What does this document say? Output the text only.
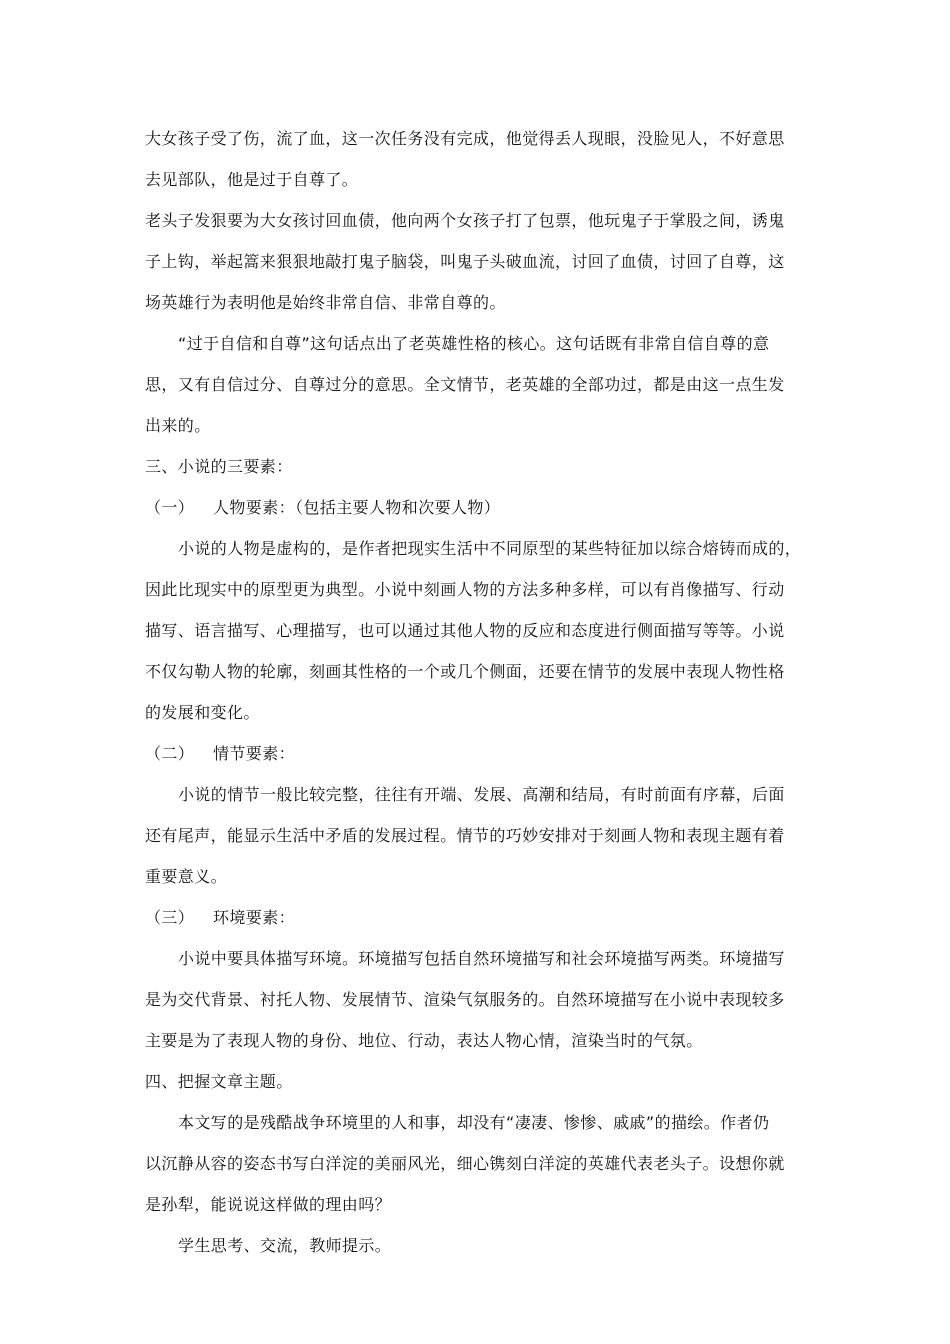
大女孩子受了伤，流了血，这一次任务没有完成，他觉得丢人现眼，没脸见人，不好意思
去见部队，他是过于自尊了。
老头子发狠要为大女孩讨回血债，他向两个女孩子打了包票，他玩鬼子于掌股之间，诱鬼
子上钩，举起篙来狠狠地敲打鬼子脑袋，叫鬼子头破血流，讨回了血债，讨回了自尊，这
场英雄行为表明他是始终非常自信、非常自尊的。
“过于自信和自尊”这句话点出了老英雄性格的核心。这句话既有非常自信自尊的意
思，又有自信过分、自尊过分的意思。全文情节，老英雄的全部功过，都是由这一点生发
出来的。
三、小说的三要素：
（一） 人物要素：（包括主要人物和次要人物）
小说的人物是虚构的，是作者把现实生活中不同原型的某些特征加以综合熔铸而成的，
因此比现实中的原型更为典型。小说中刻画人物的方法多种多样，可以有肖像描写、行动
描写、语言描写、心理描写，也可以通过其他人物的反应和态度进行侧面描写等等。小说
不仅勾勒人物的轮廓，刻画其性格的一个或几个侧面，还要在情节的发展中表现人物性格
的发展和变化。
（二） 情节要素：
小说的情节一般比较完整，往往有开端、发展、高潮和结局，有时前面有序幕，后面
还有尾声，能显示生活中矛盾的发展过程。情节的巧妙安排对于刻画人物和表现主题有着
重要意义。
（三） 环境要素：
小说中要具体描写环境。环境描写包括自然环境描写和社会环境描写两类。环境描写
是为交代背景、衬托人物、发展情节、渲染气氛服务的。自然环境描写在小说中表现较多
主要是为了表现人物的身份、地位、行动，表达人物心情，渲染当时的气氛。
四、把握文章主题。
本文写的是残酷战争环境里的人和事，却没有“凄凄、惨惨、戚戚”的描绘。作者仍
以沉静从容的姿态书写白洋淀的美丽风光，细心镌刻白洋淀的英雄代表老头子。设想你就
是孙犁，能说说这样做的理由吗？
学生思考、交流，教师提示。
